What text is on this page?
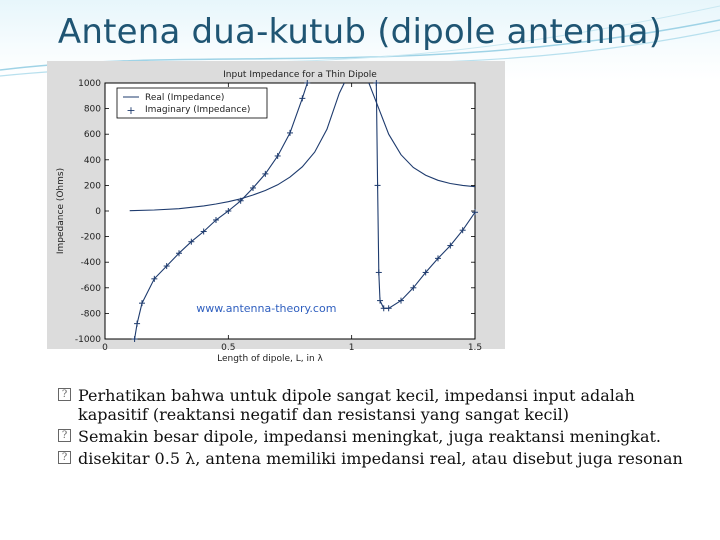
Antena dua-kutub (dipole antenna)
1000
800
600
400
200
0
-200
-400
-600
-800
-1000
0	0.5	1	1.5
Input Impedance for a Thin Dipole
Length of dipole, L, in λ
Impedance (Ohms)
Real (Impedance)
+ Imaginary (Impedance)
www.antenna-theory.com
? Perhatikan bahwa untuk dipole sangat kecil, impedansi input adalah kapasitif (reaktansi negatif dan resistansi yang sangat kecil)
? Semakin besar dipole, impedansi meningkat, juga reaktansi meningkat.
? disekitar 0.5 λ, antena memiliki impedansi real, atau disebut juga resonan
